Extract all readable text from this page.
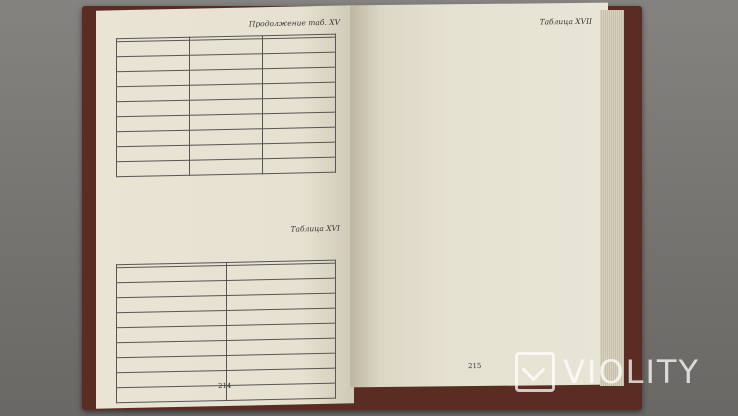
Продолжение таб. XV

Таблица XVI

214
Таблица XVII
215	VIOLITY
